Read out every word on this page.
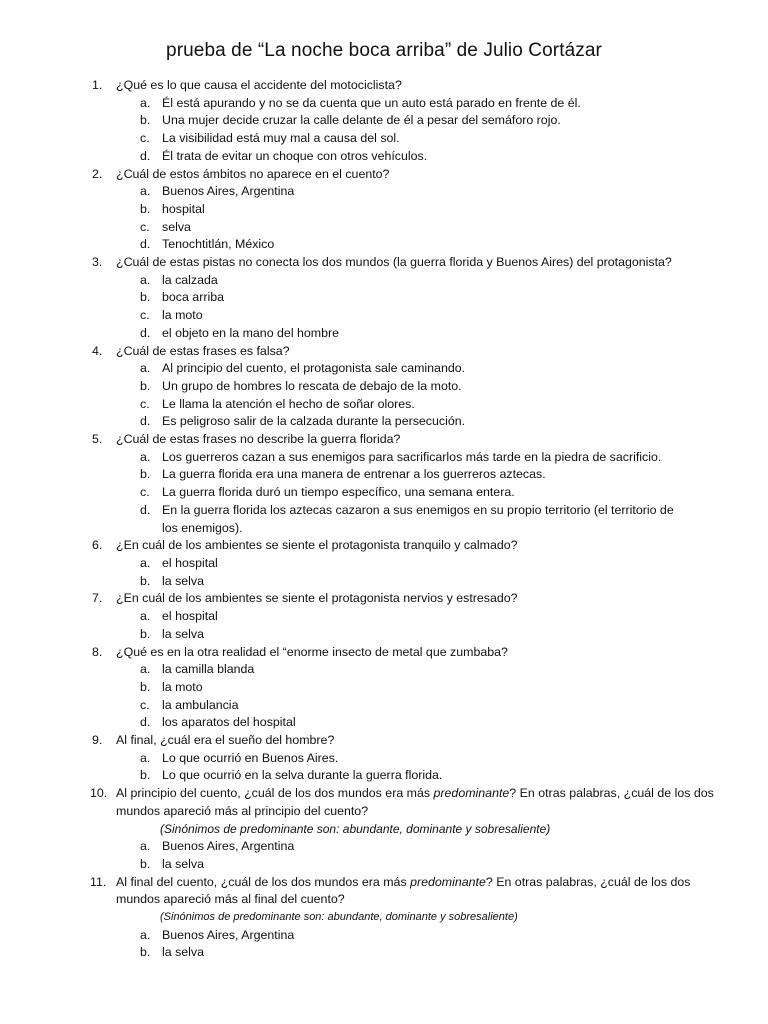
prueba de “La noche boca arriba” de Julio Cortázar
1. ¿Qué es lo que causa el accidente del motociclista?
a. Él está apurando y no se da cuenta que un auto está parado en frente de él.
b. Una mujer decide cruzar la calle delante de él a pesar del semáforo rojo.
c. La visibilidad está muy mal a causa del sol.
d. Él trata de evitar un choque con otros vehículos.
2. ¿Cuál de estos ámbitos no aparece en el cuento?
a. Buenos Aires, Argentina
b. hospital
c. selva
d. Tenochtitlán, México
3. ¿Cuál de estas pistas no conecta los dos mundos (la guerra florida y Buenos Aires) del protagonista?
a. la calzada
b. boca arriba
c. la moto
d. el objeto en la mano del hombre
4. ¿Cuál de estas frases es falsa?
a. Al principio del cuento, el protagonista sale caminando.
b. Un grupo de hombres lo rescata de debajo de la moto.
c. Le llama la atención el hecho de soñar olores.
d. Es peligroso salir de la calzada durante la persecución.
5. ¿Cuál de estas frases no describe la guerra florida?
a. Los guerreros cazan a sus enemigos para sacrificarlos más tarde en la piedra de sacrificio.
b. La guerra florida era una manera de entrenar a los guerreros aztecas.
c. La guerra florida duró un tiempo específico, una semana entera.
d. En la guerra florida los aztecas cazaron a sus enemigos en su propio territorio (el territorio de los enemigos).
6. ¿En cuál de los ambientes se siente el protagonista tranquilo y calmado?
a. el hospital
b. la selva
7. ¿En cuál de los ambientes se siente el protagonista nervios y estresado?
a. el hospital
b. la selva
8. ¿Qué es en la otra realidad el “enorme insecto de metal que zumbaba?
a. la camilla blanda
b. la moto
c. la ambulancia
d. los aparatos del hospital
9. Al final, ¿cuál era el sueño del hombre?
a. Lo que ocurrió en Buenos Aires.
b. Lo que ocurrió en la selva durante la guerra florida.
10. Al principio del cuento, ¿cuál de los dos mundos era más predominante? En otras palabras, ¿cuál de los dos mundos apareció más al principio del cuento?
(Sinónimos de predominante son: abundante, dominante y sobresaliente)
a. Buenos Aires, Argentina
b. la selva
11. Al final del cuento, ¿cuál de los dos mundos era más predominante? En otras palabras, ¿cuál de los dos mundos apareció más al final del cuento?
(Sinónimos de predominante son: abundante, dominante y sobresaliente)
a. Buenos Aires, Argentina
b. la selva
